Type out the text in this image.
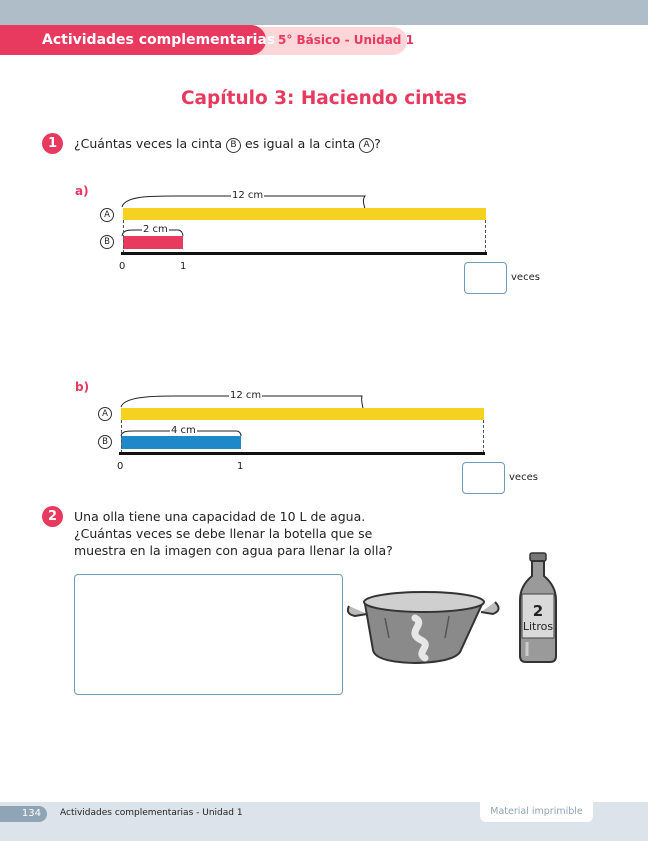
Actividades complementarias 5° Básico - Unidad 1
Capítulo 3: Haciendo cintas
1	¿Cuántas veces la cinta B es igual a la cinta A ?
a)	12 cm
2 cm
A
B
0	1
veces
b)
12 cm
4 cm
A
B
0	1
veces
2	Una olla tiene una capacidad de 10 L de agua.
¿Cuántas veces se debe llenar la botella que se
muestra en la imagen con agua para llenar la olla?
2
Litros
134	Actividades complementarias - Unidad 1	Material imprimible
